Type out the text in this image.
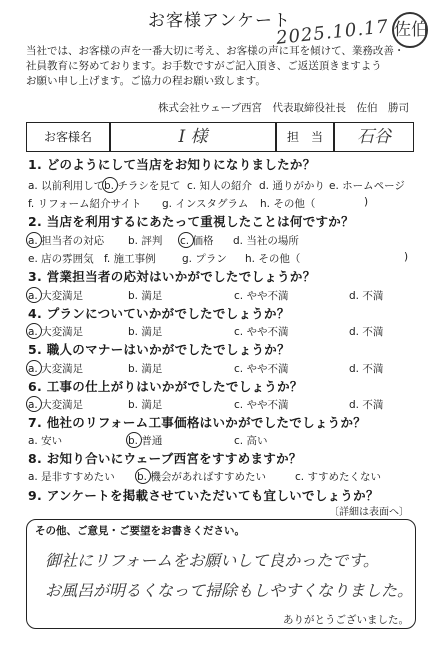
お客様アンケート
2025.10.17 佐伯
当社では、お客様の声を一番大切に考え、お客様の声に耳を傾けて、業務改善・
社員教育に努めております。お手数ですがご記入頂き、ご返送頂きますよう
お願い申し上げます。ご協力の程お願い致します。
株式会社ウェーブ西宮　代表取締役社長　佐伯　勝司
お客様名	I 様	担　当	石谷
1. どのようにして当店をお知りになりましたか？
a. 以前利用して b. チラシを見て c. 知人の紹介 d. 通りがかり e. ホームページ
f. リフォーム紹介サイト g. インスタグラム h. その他（	)
2. 当店を利用するにあたって重視したことは何ですか？
a. 担当者の対応 b. 評判 c. 価格 d. 当社の場所
e. 店の雰囲気 f. 施工事例	g. プラン h. その他（	)
3. 営業担当者の応対はいかがでしたでしょうか？
a. 大変満足	b. 満足	c. やや不満	d. 不満
4. プランについていかがでしたでしょうか？
a. 大変満足	b. 満足	c. やや不満	d. 不満
5. 職人のマナーはいかがでしたでしょうか？
a. 大変満足	b. 満足	c. やや不満	d. 不満
6. 工事の仕上がりはいかがでしたでしょうか？
a. 大変満足	b. 満足	c. やや不満	d. 不満
7. 他社のリフォーム工事価格はいかがでしたでしょうか？
a. 安い	b. 普通	c. 高い
8. お知り合いにウェーブ西宮をすすめますか？
a. 是非すすめたい b. 機会があればすすめたい	c. すすめたくない
9. アンケートを掲載させていただいても宜しいでしょうか？
〔詳細は表面へ〕
その他、ご意見・ご要望をお書きください。
御社にリフォームをお願いして良かったです。
お風呂が明るくなって掃除もしやすくなりました。
ありがとうございました。
